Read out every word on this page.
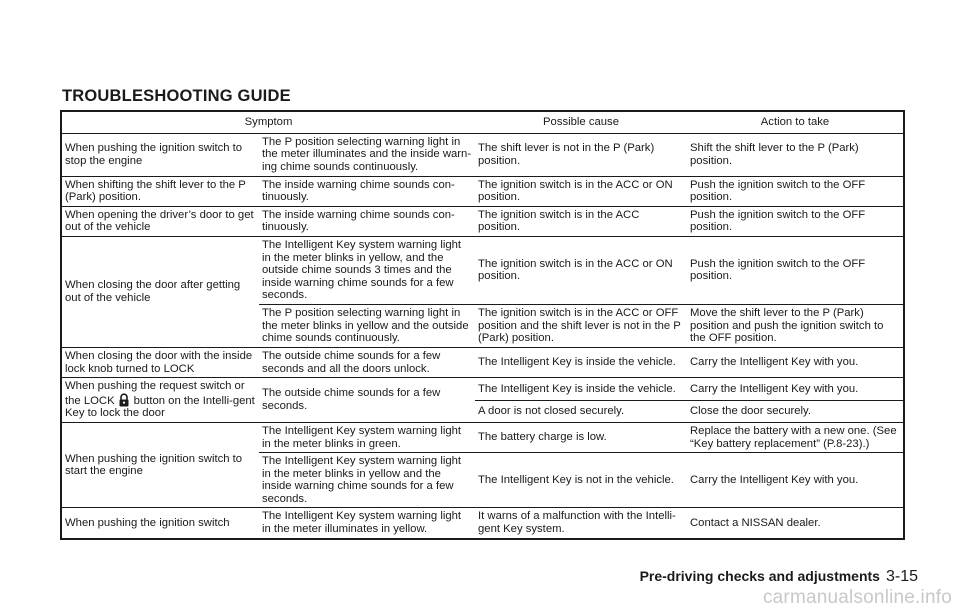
TROUBLESHOOTING GUIDE
Symptom		Possible cause	Action to take
When pushing the ignition switch to stop the engine	The P position selecting warning light in the meter illuminates and the inside warn-ing chime sounds continuously.	The shift lever is not in the P (Park) position.	Shift the shift lever to the P (Park) position.
When shifting the shift lever to the P (Park) position.	The inside warning chime sounds con-tinuously.	The ignition switch is in the ACC or ON position.	Push the ignition switch to the OFF position.
When opening the driver’s door to get out of the vehicle	The inside warning chime sounds con-tinuously.	The ignition switch is in the ACC position.	Push the ignition switch to the OFF position.
When closing the door after getting out of the vehicle	The Intelligent Key system warning light in the meter blinks in yellow, and the outside chime sounds 3 times and the inside warning chime sounds for a few seconds.	The ignition switch is in the ACC or ON position.	Push the ignition switch to the OFF position.
	The P position selecting warning light in the meter blinks in yellow and the outside chime sounds continuously.	The ignition switch is in the ACC or OFF position and the shift lever is not in the P (Park) position.	Move the shift lever to the P (Park) position and push the ignition switch to the OFF position.
When closing the door with the inside lock knob turned to LOCK	The outside chime sounds for a few seconds and all the doors unlock.	The Intelligent Key is inside the vehicle.	Carry the Intelligent Key with you.
When pushing the request switch or the LOCK button on the Intelli-gent Key to lock the door	The outside chime sounds for a few seconds.	The Intelligent Key is inside the vehicle.	Carry the Intelligent Key with you.
		A door is not closed securely.	Close the door securely.
When pushing the ignition switch to start the engine	The Intelligent Key system warning light in the meter blinks in green.	The battery charge is low.	Replace the battery with a new one. (See “Key battery replacement” (P.8-23).)
	The Intelligent Key system warning light in the meter blinks in yellow and the inside warning chime sounds for a few seconds.	The Intelligent Key is not in the vehicle.	Carry the Intelligent Key with you.
When pushing the ignition switch	The Intelligent Key system warning light in the meter illuminates in yellow.	It warns of a malfunction with the Intelli-gent Key system.	Contact a NISSAN dealer.
Pre-driving checks and adjustments 3-15
carmanualsonline.info
